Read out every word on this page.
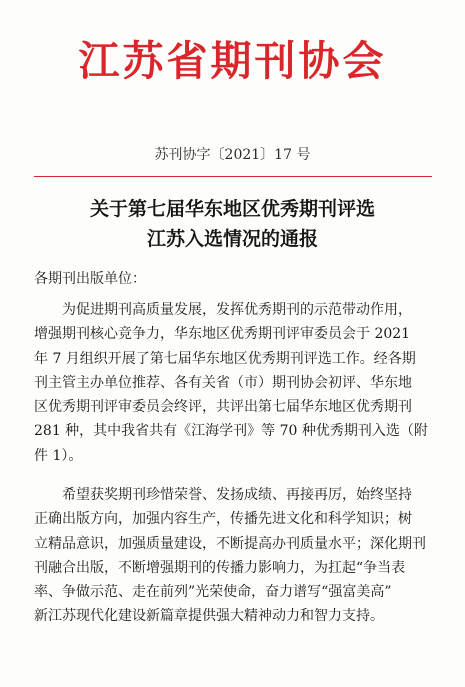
江苏省期刊协会
苏刊协字〔2021〕17 号
关于第七届华东地区优秀期刊评选
江苏入选情况的通报
各期刊出版单位：
为促进期刊高质量发展，发挥优秀期刊的示范带动作用，
增强期刊核心竞争力，华东地区优秀期刊评审委员会于 2021
年 7 月组织开展了第七届华东地区优秀期刊评选工作。经各期
刊主管主办单位推荐、各有关省（市）期刊协会初评、华东地
区优秀期刊评审委员会终评，共评出第七届华东地区优秀期刊
281 种，其中我省共有《江海学刊》等 70 种优秀期刊入选（附
件 1）。
希望获奖期刊珍惜荣誉、发扬成绩、再接再厉，始终坚持
正确出版方向，加强内容生产，传播先进文化和科学知识；树
立精品意识，加强质量建设，不断提高办刊质量水平；深化期刊
刊融合出版，不断增强期刊的传播力影响力，为扛起“争当表
率、争做示范、走在前列”光荣使命，奋力谱写“强富美高”
新江苏现代化建设新篇章提供强大精神动力和智力支持。
